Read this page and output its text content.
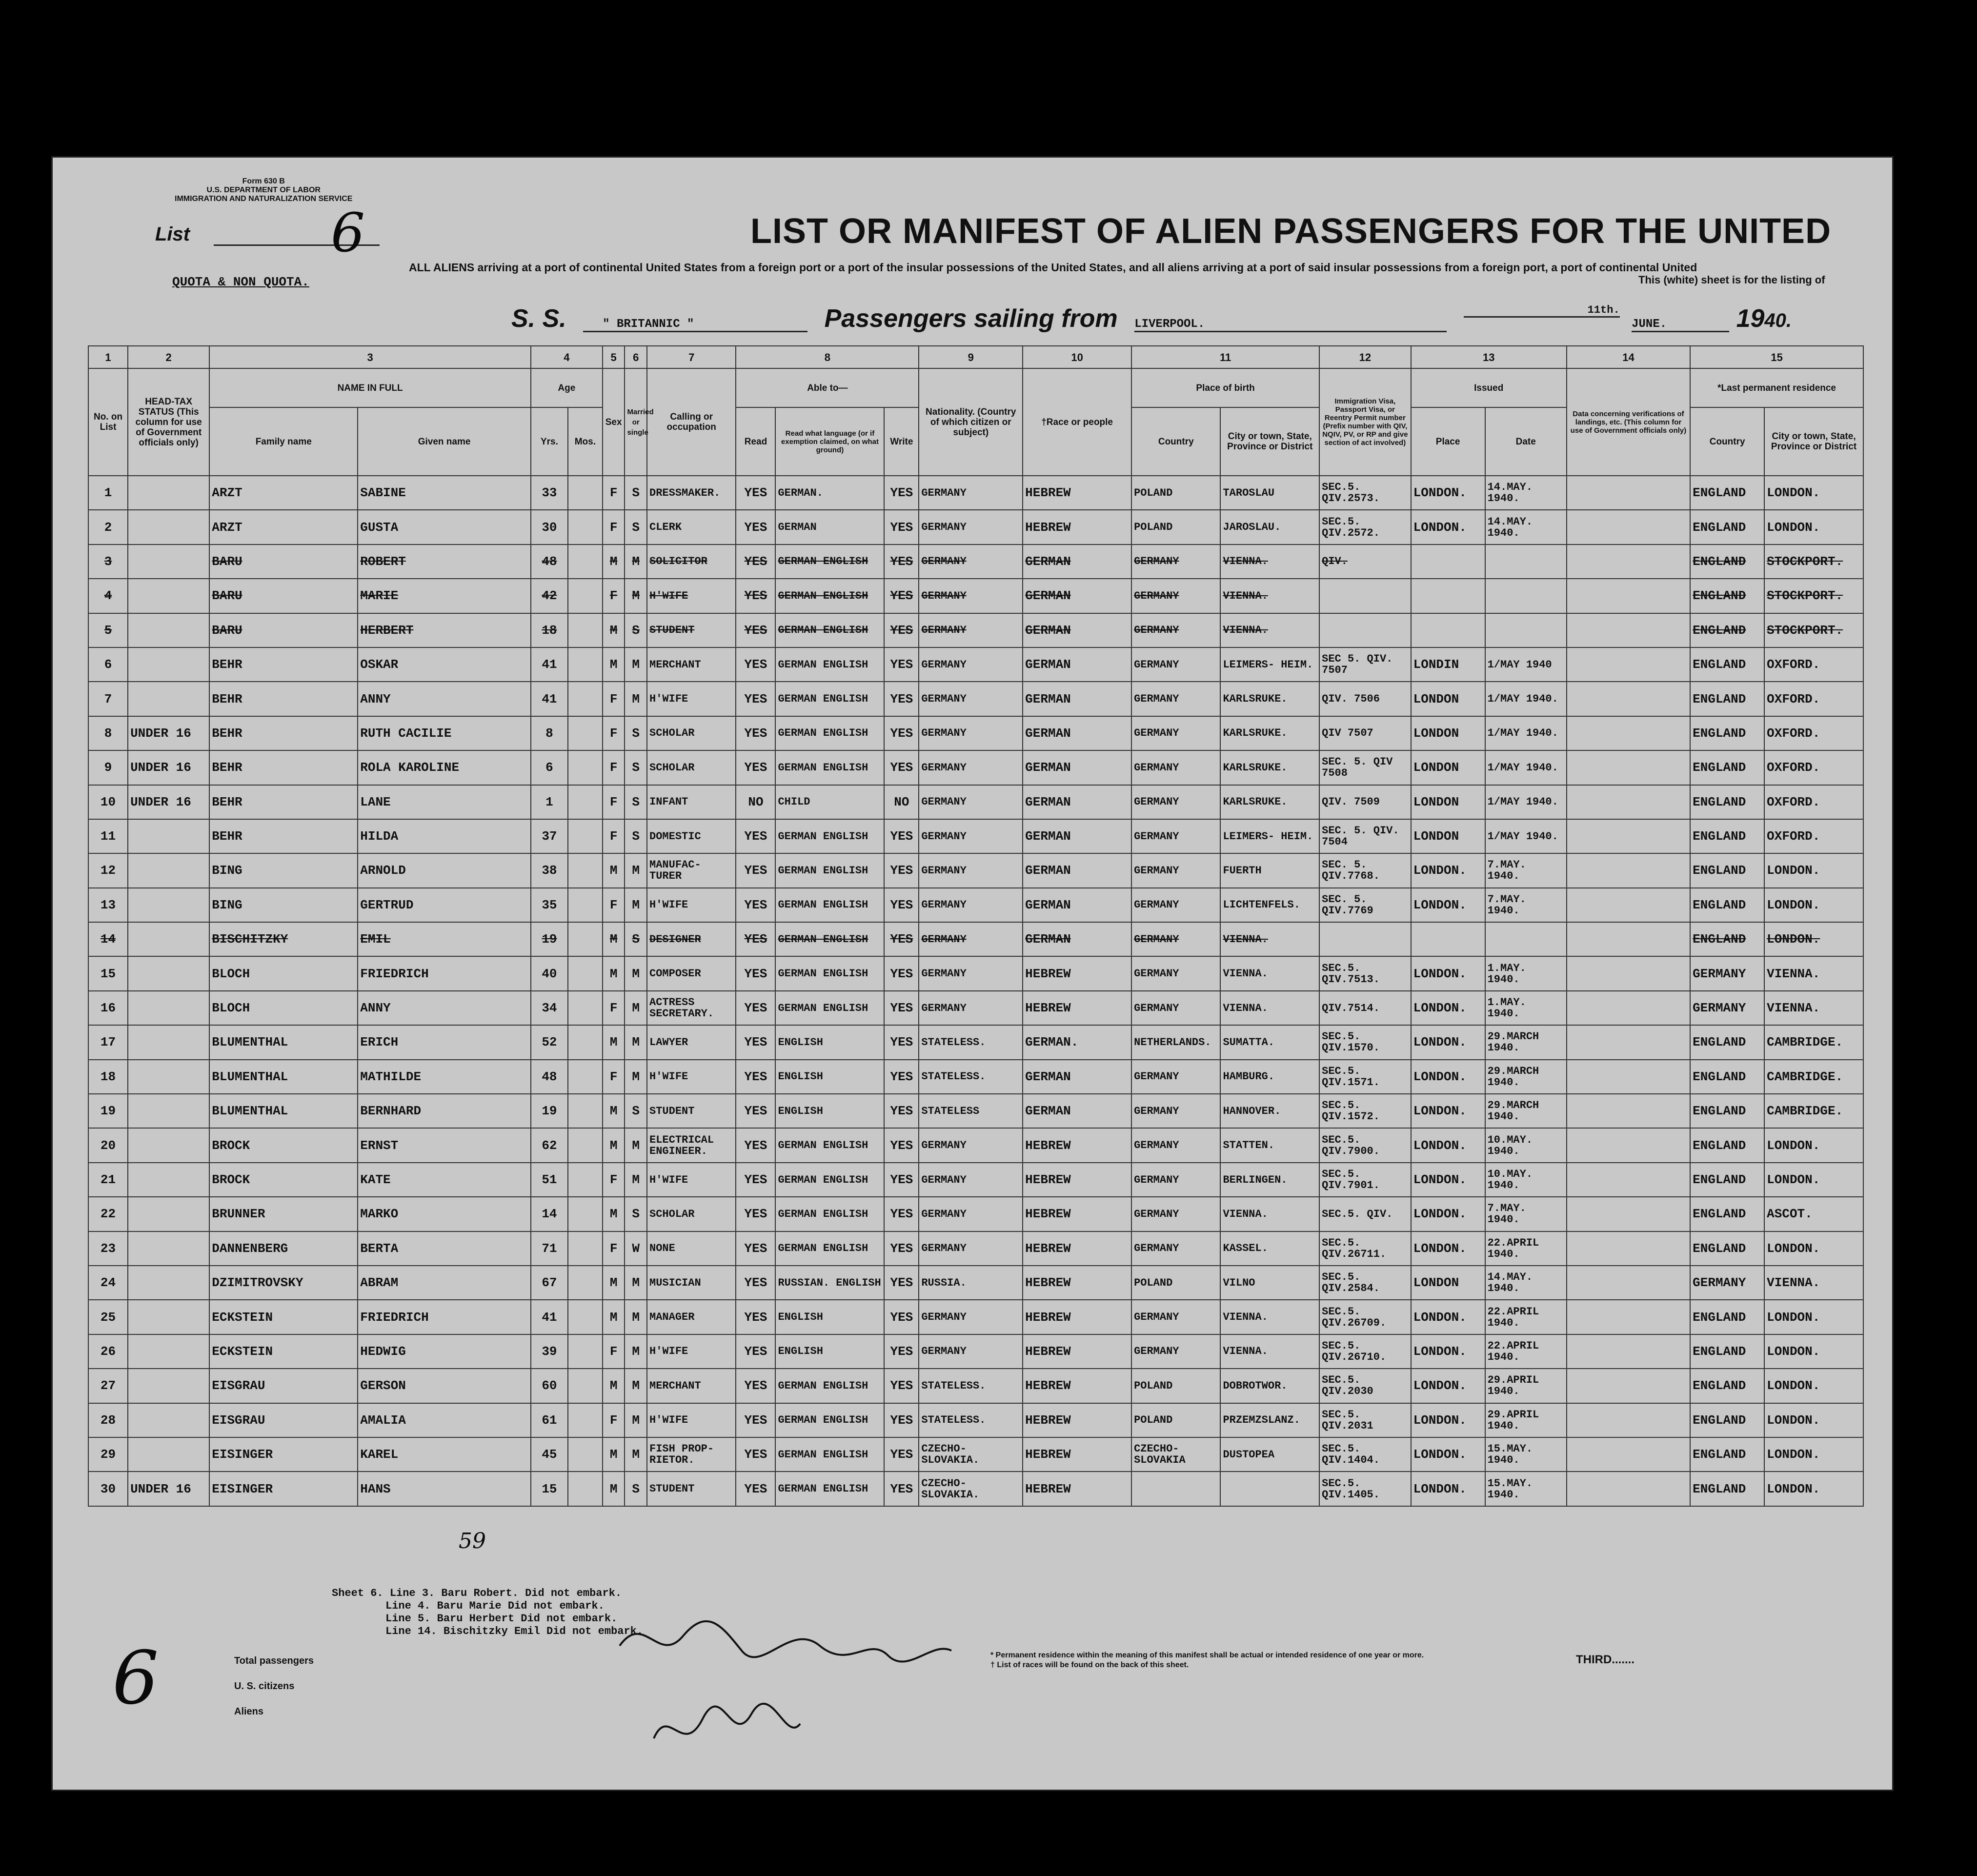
Form 630 B
U.S. DEPARTMENT OF LABOR
IMMIGRATION AND NATURALIZATION SERVICE
List	6
QUOTA & NON QUOTA.
LIST OR MANIFEST OF ALIEN PASSENGERS FOR THE UNITED
ALL ALIENS arriving at a port of continental United States from a foreign port or a port of the insular possessions of the United States, and all aliens arriving at a port of said insular possessions from a foreign port, a port of continental United
This (white) sheet is for the listing of
S. S.	" BRITANNIC "	Passengers sailing from LIVERPOOL. 11th. JUNE.	1940.
1	2	3		4		5	6	7	8			9	10	11		12	13		14	15	
No. on List	HEAD-TAX STATUS (This column for use of Government officials only)	NAME IN FULL		Age		Sex	Married or single	Calling or occupation	Able to—			Nationality. (Country of which citizen or subject)	†Race or people	Place of birth		Immigration Visa, Passport Visa, or Reentry Permit number (Prefix number with QIV, NQIV, PV, or RP and give section of act involved)	Issued		Data concerning verifications of landings, etc. (This column for use of Government officials only)	*Last permanent residence	
		Family name	Given name	Yrs.	Mos.				Read	Read what language (or if exemption claimed, on what ground)	Write			Country	City or town, State, Province or District		Place	Date		Country	City or town, State, Province or District
1		ARZT	SABINE	33		F	S	DRESSMAKER.	YES	GERMAN.	YES	GERMANY	HEBREW	POLAND	TAROSLAU	SEC.5. QIV.2573.	LONDON.	14.MAY. 1940.		ENGLAND	LONDON.
2		ARZT	GUSTA	30		F	S	CLERK	YES	GERMAN	YES	GERMANY	HEBREW	POLAND	JAROSLAU.	SEC.5. QIV.2572.	LONDON.	14.MAY. 1940.		ENGLAND	LONDON.
3		BARU	ROBERT	48		M	M	SOLICITOR	YES	GERMAN ENGLISH	YES	GERMANY	GERMAN	GERMANY	VIENNA.	QIV.				ENGLAND	STOCKPORT.
4		BARU	MARIE	42		F	M	H'WIFE	YES	GERMAN ENGLISH	YES	GERMANY	GERMAN	GERMANY	VIENNA.					ENGLAND	STOCKPORT.
5		BARU	HERBERT	18		M	S	STUDENT	YES	GERMAN ENGLISH	YES	GERMANY	GERMAN	GERMANY	VIENNA.					ENGLAND	STOCKPORT.
6		BEHR	OSKAR	41		M	M	MERCHANT	YES	GERMAN ENGLISH	YES	GERMANY	GERMAN	GERMANY	LEIMERS- HEIM.	SEC 5. QIV. 7507	LONDIN	1/MAY 1940		ENGLAND	OXFORD.
7		BEHR	ANNY	41		F	M	H'WIFE	YES	GERMAN ENGLISH	YES	GERMANY	GERMAN	GERMANY	KARLSRUKE.	QIV. 7506	LONDON	1/MAY 1940.		ENGLAND	OXFORD.
8	UNDER 16	BEHR	RUTH CACILIE	8		F	S	SCHOLAR	YES	GERMAN ENGLISH	YES	GERMANY	GERMAN	GERMANY	KARLSRUKE.	QIV 7507	LONDON	1/MAY 1940.		ENGLAND	OXFORD.
9	UNDER 16	BEHR	ROLA KAROLINE	6		F	S	SCHOLAR	YES	GERMAN ENGLISH	YES	GERMANY	GERMAN	GERMANY	KARLSRUKE.	SEC. 5. QIV 7508	LONDON	1/MAY 1940.		ENGLAND	OXFORD.
10	UNDER 16	BEHR	LANE	1		F	S	INFANT	NO	CHILD	NO	GERMANY	GERMAN	GERMANY	KARLSRUKE.	QIV. 7509	LONDON	1/MAY 1940.		ENGLAND	OXFORD.
11		BEHR	HILDA	37		F	S	DOMESTIC	YES	GERMAN ENGLISH	YES	GERMANY	GERMAN	GERMANY	LEIMERS- HEIM.	SEC. 5. QIV. 7504	LONDON	1/MAY 1940.		ENGLAND	OXFORD.
12		BING	ARNOLD	38		M	M	MANUFAC- TURER	YES	GERMAN ENGLISH	YES	GERMANY	GERMAN	GERMANY	FUERTH	SEC. 5. QIV.7768.	LONDON.	7.MAY. 1940.		ENGLAND	LONDON.
13		BING	GERTRUD	35		F	M	H'WIFE	YES	GERMAN ENGLISH	YES	GERMANY	GERMAN	GERMANY	LICHTENFELS.	SEC. 5. QIV.7769	LONDON.	7.MAY. 1940.		ENGLAND	LONDON.
14		BISCHITZKY	EMIL	19		M	S	DESIGNER	YES	GERMAN ENGLISH	YES	GERMANY	GERMAN	GERMANY	VIENNA.					ENGLAND	LONDON.
15		BLOCH	FRIEDRICH	40		M	M	COMPOSER	YES	GERMAN ENGLISH	YES	GERMANY	HEBREW	GERMANY	VIENNA.	SEC.5. QIV.7513.	LONDON.	1.MAY. 1940.		GERMANY	VIENNA.
16		BLOCH	ANNY	34		F	M	ACTRESS SECRETARY.	YES	GERMAN ENGLISH	YES	GERMANY	HEBREW	GERMANY	VIENNA.	QIV.7514.	LONDON.	1.MAY. 1940.		GERMANY	VIENNA.
17		BLUMENTHAL	ERICH	52		M	M	LAWYER	YES	ENGLISH	YES	STATELESS.	GERMAN.	NETHERLANDS.	SUMATTA.	SEC.5. QIV.1570.	LONDON.	29.MARCH 1940.		ENGLAND	CAMBRIDGE.
18		BLUMENTHAL	MATHILDE	48		F	M	H'WIFE	YES	ENGLISH	YES	STATELESS.	GERMAN	GERMANY	HAMBURG.	SEC.5. QIV.1571.	LONDON.	29.MARCH 1940.		ENGLAND	CAMBRIDGE.
19		BLUMENTHAL	BERNHARD	19		M	S	STUDENT	YES	ENGLISH	YES	STATELESS	GERMAN	GERMANY	HANNOVER.	SEC.5. QIV.1572.	LONDON.	29.MARCH 1940.		ENGLAND	CAMBRIDGE.
20		BROCK	ERNST	62		M	M	ELECTRICAL ENGINEER.	YES	GERMAN ENGLISH	YES	GERMANY	HEBREW	GERMANY	STATTEN.	SEC.5. QIV.7900.	LONDON.	10.MAY. 1940.		ENGLAND	LONDON.
21		BROCK	KATE	51		F	M	H'WIFE	YES	GERMAN ENGLISH	YES	GERMANY	HEBREW	GERMANY	BERLINGEN.	SEC.5. QIV.7901.	LONDON.	10.MAY. 1940.		ENGLAND	LONDON.
22		BRUNNER	MARKO	14		M	S	SCHOLAR	YES	GERMAN ENGLISH	YES	GERMANY	HEBREW	GERMANY	VIENNA.	SEC.5. QIV.	LONDON.	7.MAY. 1940.		ENGLAND	ASCOT.
23		DANNENBERG	BERTA	71		F	W	NONE	YES	GERMAN ENGLISH	YES	GERMANY	HEBREW	GERMANY	KASSEL.	SEC.5. QIV.26711.	LONDON.	22.APRIL 1940.		ENGLAND	LONDON.
24		DZIMITROVSKY	ABRAM	67		M	M	MUSICIAN	YES	RUSSIAN. ENGLISH	YES	RUSSIA.	HEBREW	POLAND	VILNO	SEC.5. QIV.2584.	LONDON	14.MAY. 1940.		GERMANY	VIENNA.
25		ECKSTEIN	FRIEDRICH	41		M	M	MANAGER	YES	ENGLISH	YES	GERMANY	HEBREW	GERMANY	VIENNA.	SEC.5. QIV.26709.	LONDON.	22.APRIL 1940.		ENGLAND	LONDON.
26		ECKSTEIN	HEDWIG	39		F	M	H'WIFE	YES	ENGLISH	YES	GERMANY	HEBREW	GERMANY	VIENNA.	SEC.5. QIV.26710.	LONDON.	22.APRIL 1940.		ENGLAND	LONDON.
27		EISGRAU	GERSON	60		M	M	MERCHANT	YES	GERMAN ENGLISH	YES	STATELESS.	HEBREW	POLAND	DOBROTWOR.	SEC.5. QIV.2030	LONDON.	29.APRIL 1940.		ENGLAND	LONDON.
28		EISGRAU	AMALIA	61		F	M	H'WIFE	YES	GERMAN ENGLISH	YES	STATELESS.	HEBREW	POLAND	PRZEMZSLANZ.	SEC.5. QIV.2031	LONDON.	29.APRIL 1940.		ENGLAND	LONDON.
29		EISINGER	KAREL	45		M	M	FISH PROP- RIETOR.	YES	GERMAN ENGLISH	YES	CZECHO- SLOVAKIA.	HEBREW	CZECHO- SLOVAKIA	DUSTOPEA	SEC.5. QIV.1404.	LONDON.	15.MAY. 1940.		ENGLAND	LONDON.
30	UNDER 16	EISINGER	HANS	15		M	S	STUDENT	YES	GERMAN ENGLISH	YES	CZECHO- SLOVAKIA.	HEBREW			SEC.5. QIV.1405.	LONDON.	15.MAY. 1940.		ENGLAND	LONDON.
Sheet 6. Line 3. Baru Robert. Did not embark.
Line 4. Baru Marie Did not embark.
Line 5. Baru Herbert Did not embark.
Line 14. Bischitzky Emil Did not embark.
Total passengers
U. S. citizens
Aliens
6
59
* Permanent residence within the meaning of this manifest shall be actual or intended residence of one year or more.
† List of races will be found on the back of this sheet.	THIRD.......
